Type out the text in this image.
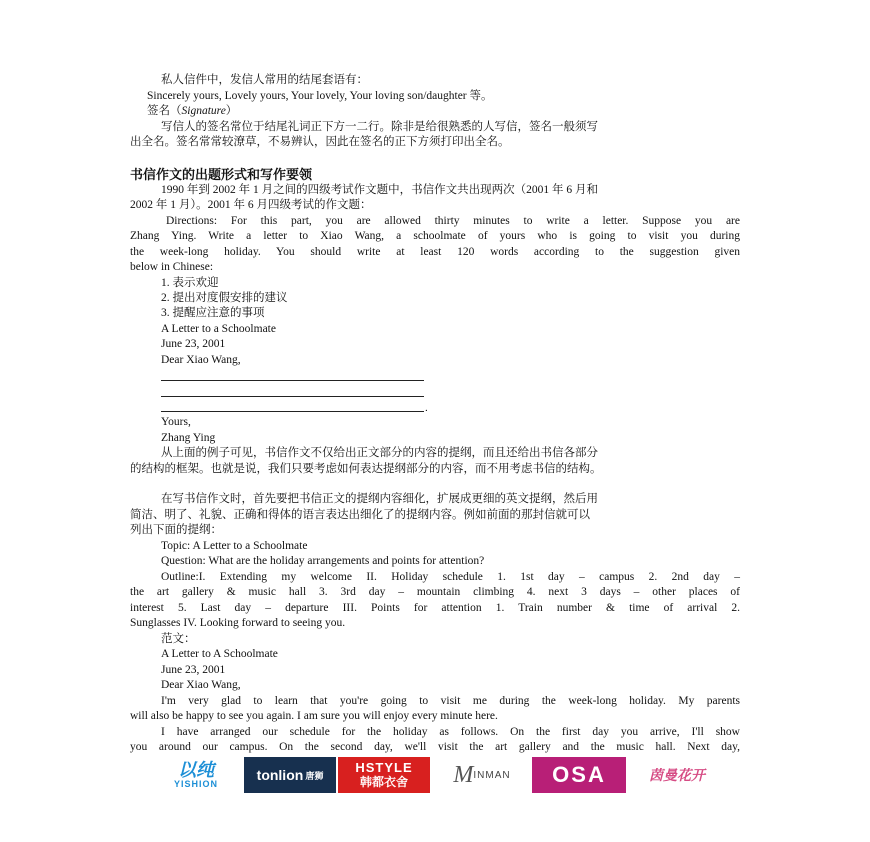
私人信件中，发信人常用的结尾套语有：
Sincerely yours, Lovely yours, Your lovely, Your loving son/daughter 等。
签名（Signature）
写信人的签名常位于结尾礼词正下方一二行。除非是给很熟悉的人写信，签名一般须写
出全名。签名常常较潦草，不易辨认，因此在签名的正下方须打印出全名。
书信作文的出题形式和写作要领
1990 年到 2002 年 1 月之间的四级考试作文题中，书信作文共出现两次（2001 年 6 月和
2002 年 1 月）。2001 年 6 月四级考试的作文题：
Directions: For this part, you are allowed thirty minutes to write a letter. Suppose you are
Zhang Ying. Write a letter to Xiao Wang, a schoolmate of yours who is going to visit you during
the week-long holiday. You should write at least 120 words according to the suggestion given
below in Chinese:
1. 表示欢迎
2. 提出对度假安排的建议
3. 提醒应注意的事项
A Letter to a Schoolmate
June 23, 2001
Dear Xiao Wang,
.
Yours,
Zhang Ying
从上面的例子可见，书信作文不仅给出正文部分的内容的提纲，而且还给出书信各部分
的结构的框架。也就是说，我们只要考虑如何表达提纲部分的内容，而不用考虑书信的结构。
在写书信作文时，首先要把书信正文的提纲内容细化，扩展成更细的英文提纲，然后用
简洁、明了、礼貌、正确和得体的语言表达出细化了的提纲内容。例如前面的那封信就可以
列出下面的提纲：
Topic: A Letter to a Schoolmate
Question: What are the holiday arrangements and points for attention?
Outline:I. Extending my welcome II. Holiday schedule 1. 1st day – campus 2. 2nd day –
the art gallery & music hall 3. 3rd day – mountain climbing 4. next 3 days – other places of
interest 5. Last day – departure III. Points for attention 1. Train number & time of arrival 2.
Sunglasses IV. Looking forward to seeing you.
范文：
A Letter to A Schoolmate
June 23, 2001
Dear Xiao Wang,
I'm very glad to learn that you're going to visit me during the week-long holiday. My parents
will also be happy to see you again. I am sure you will enjoy every minute here.
I have arranged our schedule for the holiday as follows. On the first day you arrive, I'll show
you around our campus. On the second day, we'll visit the art gallery and the music hall. Next day,
以纯
YISHION
tonlion 唐狮
HSTYLE
韩都衣舍 M INMAN OSA	茵曼花开
